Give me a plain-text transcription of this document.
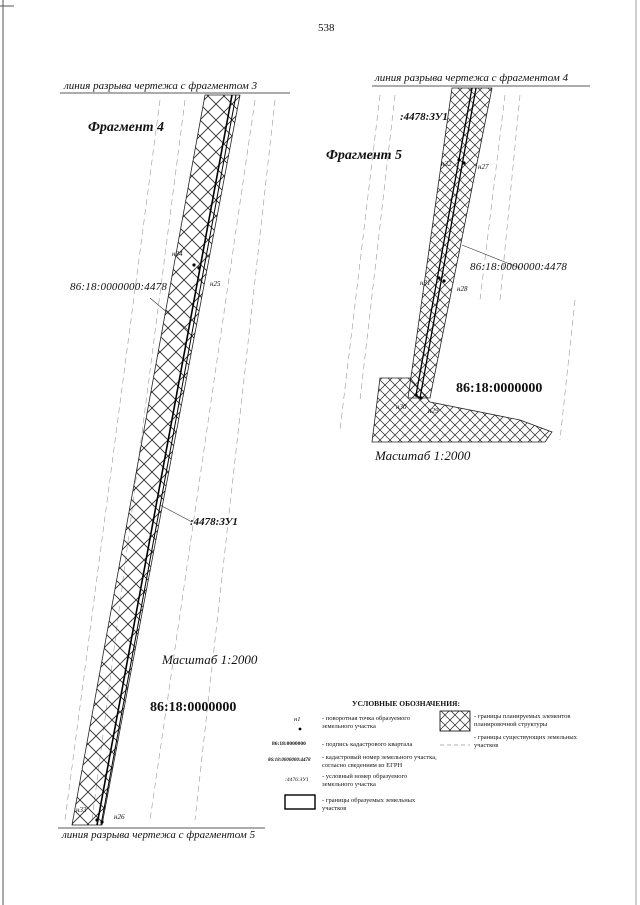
538
линия разрыва чертежа с фрагментом 3
линия разрыва чертежа с фрагментом 4
линия разрыва чертежа с фрагментом 5
Фрагмент 4
86:18:0000000:4478
:4478:ЗУ1
Масштаб 1:2000
86:18:0000000
н34
н25
н33
н26
:4478:ЗУ1
Фрагмент 5
86:18:0000000:4478
86:18:0000000
Масштаб 1:2000
н32	н27
н31
н28
н30	н29
УСЛОВНЫЕ ОБОЗНАЧЕНИЯ:
н1	- поворотная точка образуемого земельного участка
86:18:0000000 - подпись кадастрового квартала
86:18:0000000:4478 - кадастровый номер земельного участка, согласно сведениям из ЕГРН
:4476:ЗУ1 - условный номер образуемого земельного участка
- границы образуемых земельных участков
- границы планируемых элементов планировочной структуры
- границы существующих земельных участков
